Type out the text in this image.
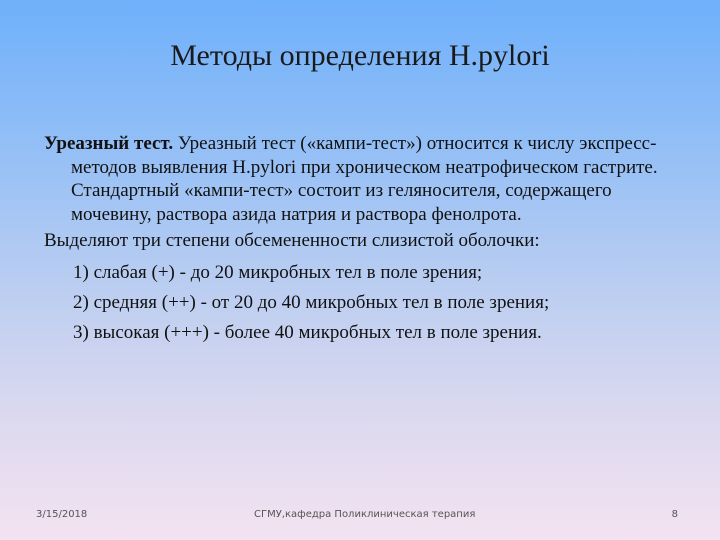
Методы определения H.pylori

Уреазный тест. Уреазный тест («кампи-тест») относится к числу экспресс-методов выявления H.pylori при хроническом неатрофическом гастрите. Стандартный «кампи-тест» состоит из геляносителя, содержащего мочевину, раствора азида натрия и раствора фенолрота.

Выделяют три степени обсемененности слизистой оболочки:

1) слабая (+) - до 20 микробных тел в поле зрения;
2) средняя (++) - от 20 до 40 микробных тел в поле зрения;
3) высокая (+++) - более 40 микробных тел в поле зрения.
3/15/2018	СГМУ,кафедра Поликлиническая терапия	8
